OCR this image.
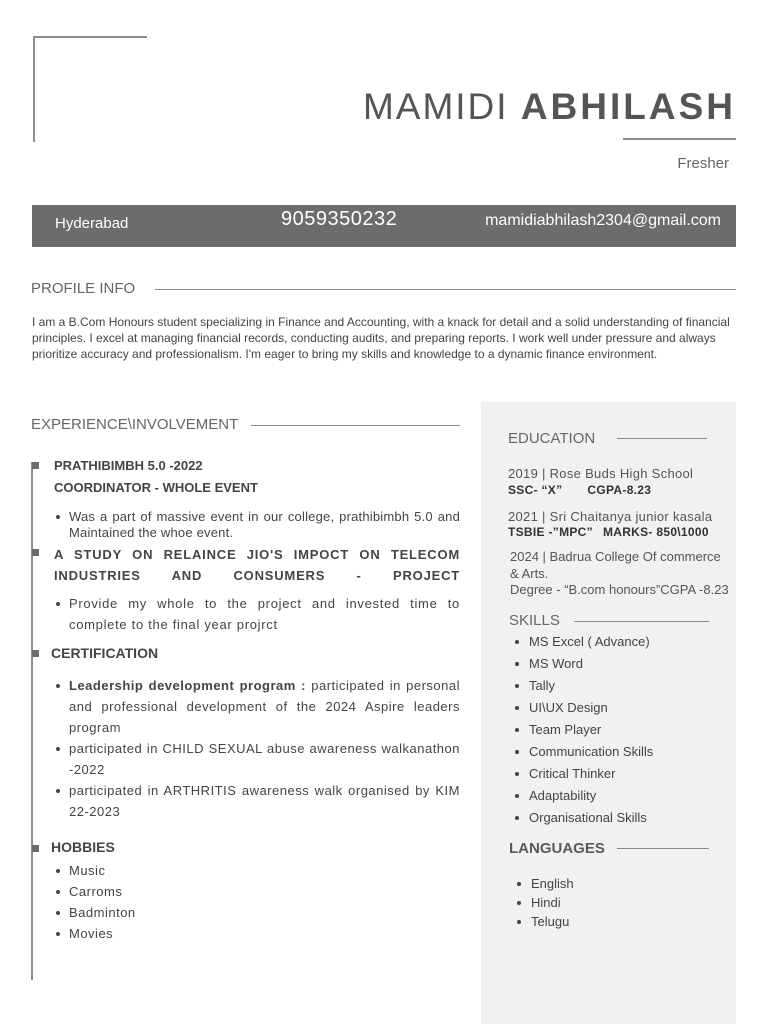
MAMIDI ABHILASH
Fresher
Hyderabad	9059350232	mamidiabhilash2304@gmail.com
PROFILE INFO
I am a B.Com Honours student specializing in Finance and Accounting, with a knack for detail and a solid understanding of financial principles. I excel at managing financial records, conducting audits, and preparing reports. I work well under pressure and always prioritize accuracy and professionalism. I'm eager to bring my skills and knowledge to a dynamic finance environment.
EXPERIENCE\INVOLVEMENT
PRATHIBIMBH 5.0 -2022
COORDINATOR - WHOLE EVENT
Was a part of massive event in our college, prathibimbh 5.0 and Maintained the whoe event.
A STUDY ON RELAINCE JIO'S IMPOCT ON TELECOM INDUSTRIES AND CONSUMERS - PROJECT
Provide my whole to the project and invested time to complete to the final year projrct
CERTIFICATION
Leadership development program : participated in personal and professional development of the 2024 Aspire leaders program
participated in CHILD SEXUAL abuse awareness walkanathon -2022
participated in ARTHRITIS awareness walk organised by KIM 22-2023
HOBBIES
Music
Carroms
Badminton
Movies
EDUCATION
2019 | Rose Buds High School
SSC- “X” CGPA-8.23
2021 | Sri Chaitanya junior kasala
TSBIE -”MPC” MARKS- 850\1000
2024 | Badrua College Of commerce
& Arts.
Degree - “B.com honours”CGPA -8.23
SKILLS
MS Excel ( Advance)
MS Word
Tally
UI\UX Design
Team Player
Communication Skills
Critical Thinker
Adaptability
Organisational Skills
LANGUAGES
English
Hindi
Telugu
